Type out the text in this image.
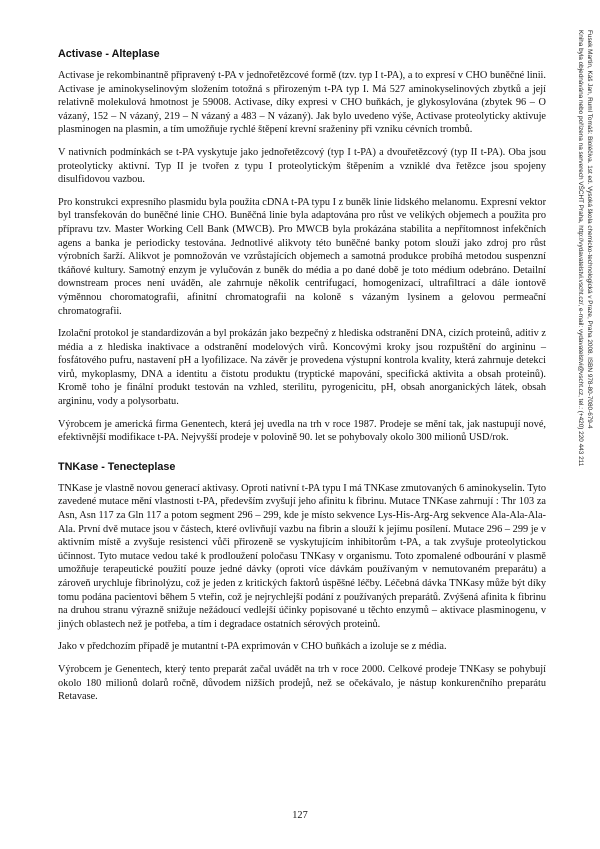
Activase - Alteplase

Activase je rekombinantně připravený t-PA v jednořetězcové formě (tzv. typ I t-PA), a to expresí v CHO buněčné linii. Activase je aminokyselinovým složením totožná s přirozeným t-PA typ I. Má 527 aminokyselinových zbytků a její relativně molekulová hmotnost je 59008. Activase, díky expresi v CHO buňkách, je glykosylována (zbytek 96 – O vázaný, 152 – N vázaný, 219 – N vázaný a 483 – N vázaný). Jak bylo uvedeno výše, Activase proteolyticky aktivuje plasminogen na plasmin, a tím umožňuje rychlé štěpení krevní sraženiny při vzniku cévních trombů.

V nativních podmínkách se t-PA vyskytuje jako jednořetězcový (typ I t-PA) a dvouřetězcový (typ II t-PA). Oba jsou proteolyticky aktivní. Typ II je tvořen z typu I proteolytickým štěpením a vzniklé dva řetězce jsou spojeny disulfidovou vazbou.

Pro konstrukci expresního plasmidu byla použita cDNA t-PA typu I z buněk linie lidského melanomu. Expresní vektor byl transfekován do buněčné linie CHO. Buněčná linie byla adaptována pro růst ve velikých objemech a použita pro přípravu tzv. Master Working Cell Bank (MWCB). Pro MWCB byla prokázána stabilita a nepřítomnost infekčních agens a banka je periodicky testována. Jednotlivé alikvoty této buněčné banky potom slouží jako zdroj pro růst výrobních šarží. Alikvot je pomnožován ve vzrůstajících objemech a samotná produkce probíhá metodou suspenzní tkáňové kultury. Samotný enzym je vylučován z buněk do média a po dané době je toto médium odebráno. Detailní downstream proces není uváděn, ale zahrnuje několik centrifugací, homogenizací, ultrafiltrací a dále iontově výměnnou choromatografii, afinitní chromatografii na koloně s vázaným lysinem a gelovou permeační chromatografii.

Izolační protokol je standardizován a byl prokázán jako bezpečný z hlediska odstranění DNA, cizích proteinů, aditiv z média a z hlediska inaktivace a odstranění modelových virů. Koncovými kroky jsou rozpuštění do argininu – fosfátového pufru, nastavení pH a lyofilizace. Na závěr je provedena výstupní kontrola kvality, která zahrnuje detekci virů, mykoplasmy, DNA a identitu a čistotu produktu (tryptické mapování, specifická aktivita a obsah proteinů). Kromě toho je finální produkt testován na vzhled, sterilitu, pyrogenicitu, pH, obsah anorganických látek, obsah argininu, vody a polysorbatu.

Výrobcem je americká firma Genentech, která jej uvedla na trh v roce 1987. Prodeje se mění tak, jak nastupují nové, efektivnější modifikace t-PA. Nejvyšší prodeje v polovině 90. let se pohybovaly okolo 300 milionů USD/rok.

TNKase - Tenecteplase

TNKase je vlastně novou generací aktivasy. Oproti nativní t-PA typu I má TNKase zmutovaných 6 aminokyselin. Tyto zavedené mutace mění vlastnosti t-PA, především zvyšují jeho afinitu k fibrinu. Mutace TNKase zahrnují : Thr 103 za Asn, Asn 117 za Gln 117 a potom segment 296 – 299, kde je místo sekvence Lys-His-Arg-Arg sekvence Ala-Ala-Ala-Ala. První dvě mutace jsou v částech, které ovlivňují vazbu na fibrin a slouží k jejímu posílení. Mutace 296 – 299 je v aktivním místě a zvyšuje resistenci vůči přirozeně se vyskytujícím inhibitorům t-PA, a tak zvyšuje proteolytickou účinnost. Tyto mutace vedou také k prodloužení poločasu TNKasy v organismu. Toto zpomalené odbourání v plasmě umožňuje terapeutické použití pouze jedné dávky (oproti více dávkám používaným v nemutovaném preparátu) a zároveň urychluje fibrinolýzu, což je jeden z kritických faktorů úspěšné léčby. Léčebná dávka TNKasy může být díky tomu podána pacientovi během 5 vteřin, což je nejrychlejší podání z používaných preparátů. Zvýšená afinita k fibrinu na druhou stranu výrazně snižuje nežádoucí vedlejší účinky popisované u těchto enzymů – aktivace plasminogenu, v jiných oblastech než je potřeba, a tím i degradace ostatních sérových proteinů.

Jako v předchozím případě je mutantní t-PA exprimován v CHO buňkách a izoluje se z média.

Výrobcem je Genentech, který tento preparát začal uvádět na trh v roce 2000. Celkové prodeje TNKasy se pohybují okolo 180 milionů dolarů ročně, důvodem nižších prodejů, než se očekávalo, je nástup konkurenčního preparátu Retavase.

127
Fusek Martin, Káš Jan, Ruml Tomáš: Bioléčiva. 1st ed. Vysoká škola chemicko-technologická v Praze, Praha 2008. ISBN 978-80-7080-679-4
Kniha byla objednávána nebo pořízena na serverech VŠCHT Praha, http://vydavatelstvi.vscht.cz/, e-mail: vydavatelstvi@vscht.cz, tel.: (+420) 220 443 211
